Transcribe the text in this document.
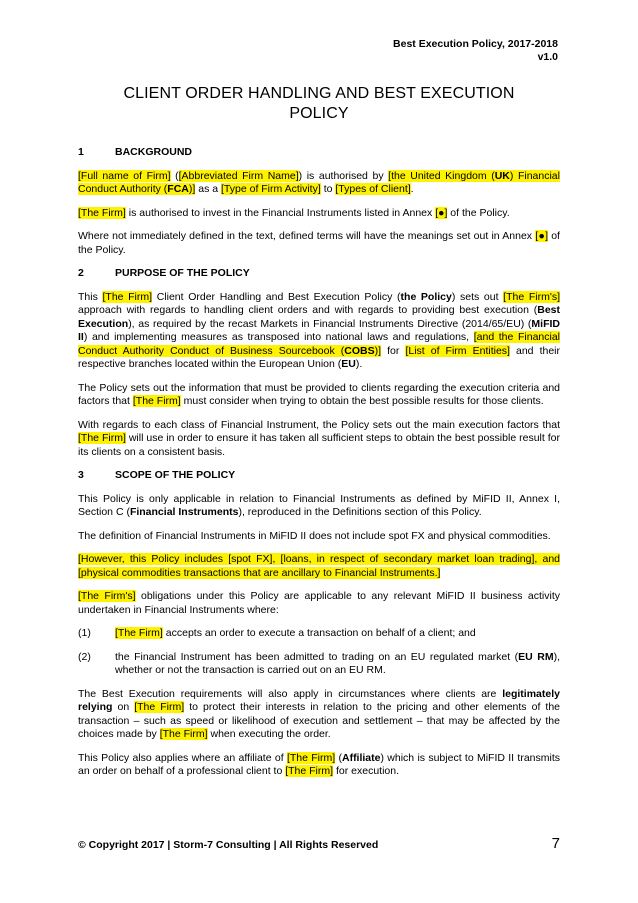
Best Execution Policy, 2017-2018
v1.0
CLIENT ORDER HANDLING AND BEST EXECUTION
POLICY
1	BACKGROUND

[Full name of Firm] ([Abbreviated Firm Name]) is authorised by [the United Kingdom (UK) Financial Conduct Authority (FCA)] as a [Type of Firm Activity] to [Types of Client].

[The Firm] is authorised to invest in the Financial Instruments listed in Annex [●] of the Policy.

Where not immediately defined in the text, defined terms will have the meanings set out in Annex [●] of the Policy.

2	PURPOSE OF THE POLICY

This [The Firm] Client Order Handling and Best Execution Policy (the Policy) sets out [The Firm's] approach with regards to handling client orders and with regards to providing best execution (Best Execution), as required by the recast Markets in Financial Instruments Directive (2014/65/EU) (MiFID II) and implementing measures as transposed into national laws and regulations, [and the Financial Conduct Authority Conduct of Business Sourcebook (COBS)] for [List of Firm Entities] and their respective branches located within the European Union (EU).

The Policy sets out the information that must be provided to clients regarding the execution criteria and factors that [The Firm] must consider when trying to obtain the best possible results for those clients.

With regards to each class of Financial Instrument, the Policy sets out the main execution factors that [The Firm] will use in order to ensure it has taken all sufficient steps to obtain the best possible result for its clients on a consistent basis.

3	SCOPE OF THE POLICY

This Policy is only applicable in relation to Financial Instruments as defined by MiFID II, Annex I, Section C (Financial Instruments), reproduced in the Definitions section of this Policy.

The definition of Financial Instruments in MiFID II does not include spot FX and physical commodities.

[However, this Policy includes [spot FX], [loans, in respect of secondary market loan trading], and [physical commodities transactions that are ancillary to Financial Instruments.]

[The Firm's] obligations under this Policy are applicable to any relevant MiFID II business activity undertaken in Financial Instruments where:

(1)	[The Firm] accepts an order to execute a transaction on behalf of a client; and
(2)	the Financial Instrument has been admitted to trading on an EU regulated market (EU RM), whether or not the transaction is carried out on an EU RM.

The Best Execution requirements will also apply in circumstances where clients are legitimately relying on [The Firm] to protect their interests in relation to the pricing and other elements of the transaction – such as speed or likelihood of execution and settlement – that may be affected by the choices made by [The Firm] when executing the order.

This Policy also applies where an affiliate of [The Firm] (Affiliate) which is subject to MiFID II transmits an order on behalf of a professional client to [The Firm] for execution.

© Copyright 2017 | Storm-7 Consulting | All Rights Reserved	7
